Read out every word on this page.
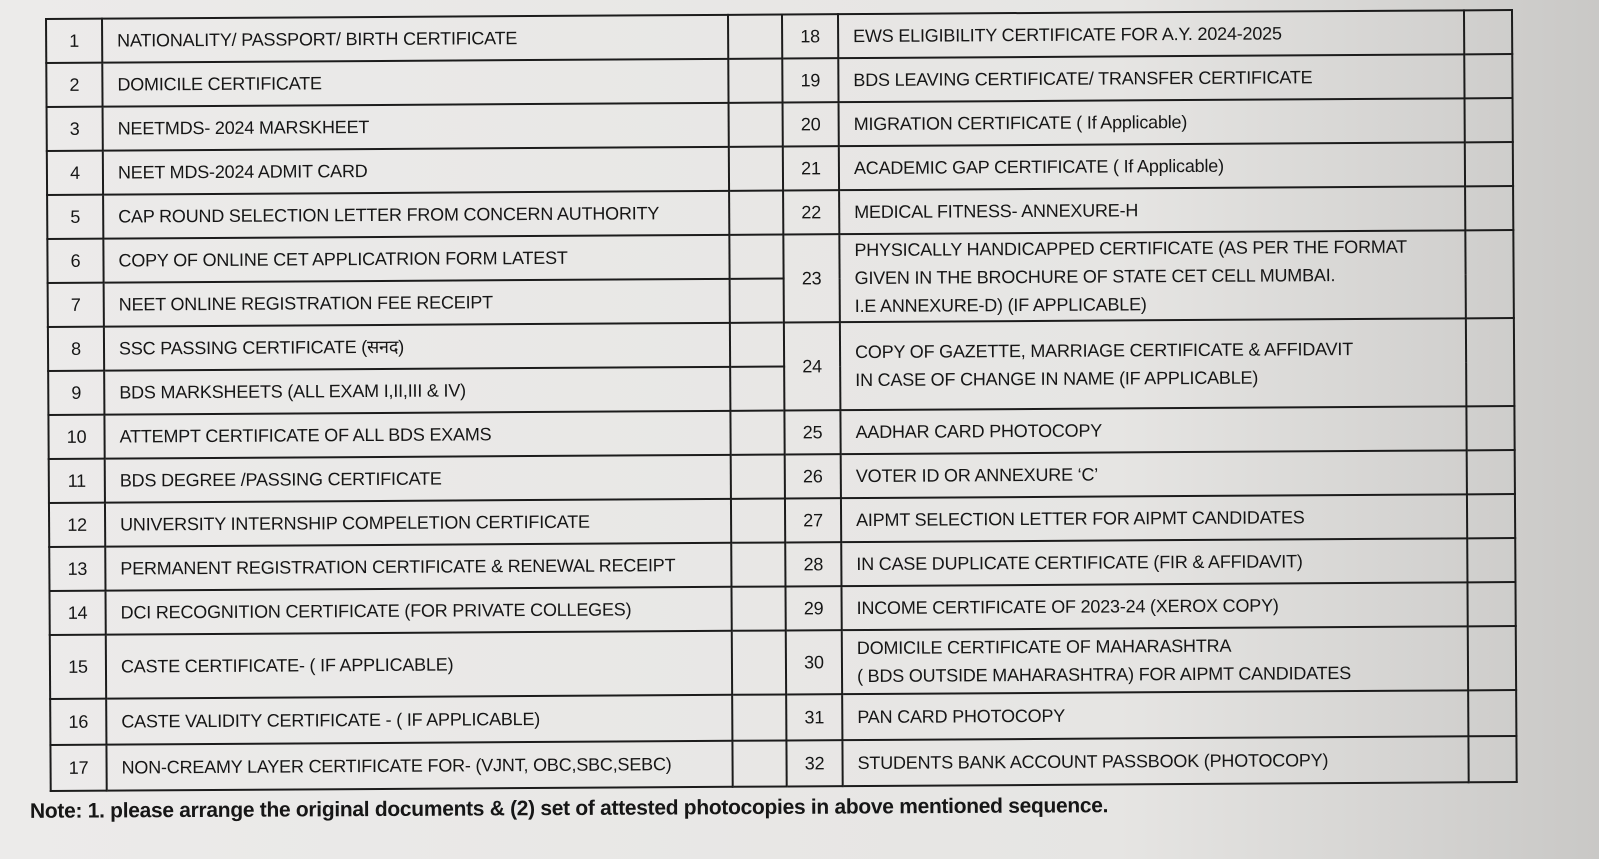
1	NATIONALITY/ PASSPORT/ BIRTH CERTIFICATE		18	EWS ELIGIBILITY CERTIFICATE FOR A.Y. 2024-2025	

2	DOMICILE CERTIFICATE		19	BDS LEAVING CERTIFICATE/ TRANSFER CERTIFICATE	

3	NEETMDS- 2024 MARSKHEET		20	MIGRATION CERTIFICATE ( If Applicable)	

4	NEET MDS-2024 ADMIT CARD		21	ACADEMIC GAP CERTIFICATE ( If Applicable)	

5	CAP ROUND SELECTION LETTER FROM CONCERN AUTHORITY		22	MEDICAL FITNESS- ANNEXURE-H	

6	COPY OF ONLINE CET APPLICATRION FORM LATEST		23	PHYSICALLY HANDICAPPED CERTIFICATE (AS PER THE FORMAT
GIVEN IN THE BROCHURE OF STATE CET CELL MUMBAI.
I.E ANNEXURE-D) (IF APPLICABLE)	

7	NEET ONLINE REGISTRATION FEE RECEIPT				
8	SSC PASSING CERTIFICATE (सनद)		24	COPY OF GAZETTE, MARRIAGE CERTIFICATE & AFFIDAVIT
IN CASE OF CHANGE IN NAME (IF APPLICABLE)	

9	BDS MARKSHEETS (ALL EXAM I,II,III & IV)				
10	ATTEMPT CERTIFICATE OF ALL BDS EXAMS		25	AADHAR CARD PHOTOCOPY	

11	BDS DEGREE /PASSING CERTIFICATE		26	VOTER ID OR ANNEXURE ‘C’	

12	UNIVERSITY INTERNSHIP COMPELETION CERTIFICATE		27	AIPMT SELECTION LETTER FOR AIPMT CANDIDATES	

13	PERMANENT REGISTRATION CERTIFICATE & RENEWAL RECEIPT		28	IN CASE DUPLICATE CERTIFICATE (FIR & AFFIDAVIT)	

14	DCI RECOGNITION CERTIFICATE (FOR PRIVATE COLLEGES)		29	INCOME CERTIFICATE OF 2023-24 (XEROX COPY)	

15	CASTE CERTIFICATE- ( IF APPLICABLE)		30	DOMICILE CERTIFICATE OF MAHARASHTRA
( BDS OUTSIDE MAHARASHTRA) FOR AIPMT CANDIDATES	

16	CASTE VALIDITY CERTIFICATE - ( IF APPLICABLE)		31	PAN CARD PHOTOCOPY	

17	NON-CREAMY LAYER CERTIFICATE FOR- (VJNT, OBC,SBC,SEBC)		32	STUDENTS BANK ACCOUNT PASSBOOK (PHOTOCOPY)	

Note: 1. please arrange the original documents & (2) set of attested photocopies in above mentioned sequence.
